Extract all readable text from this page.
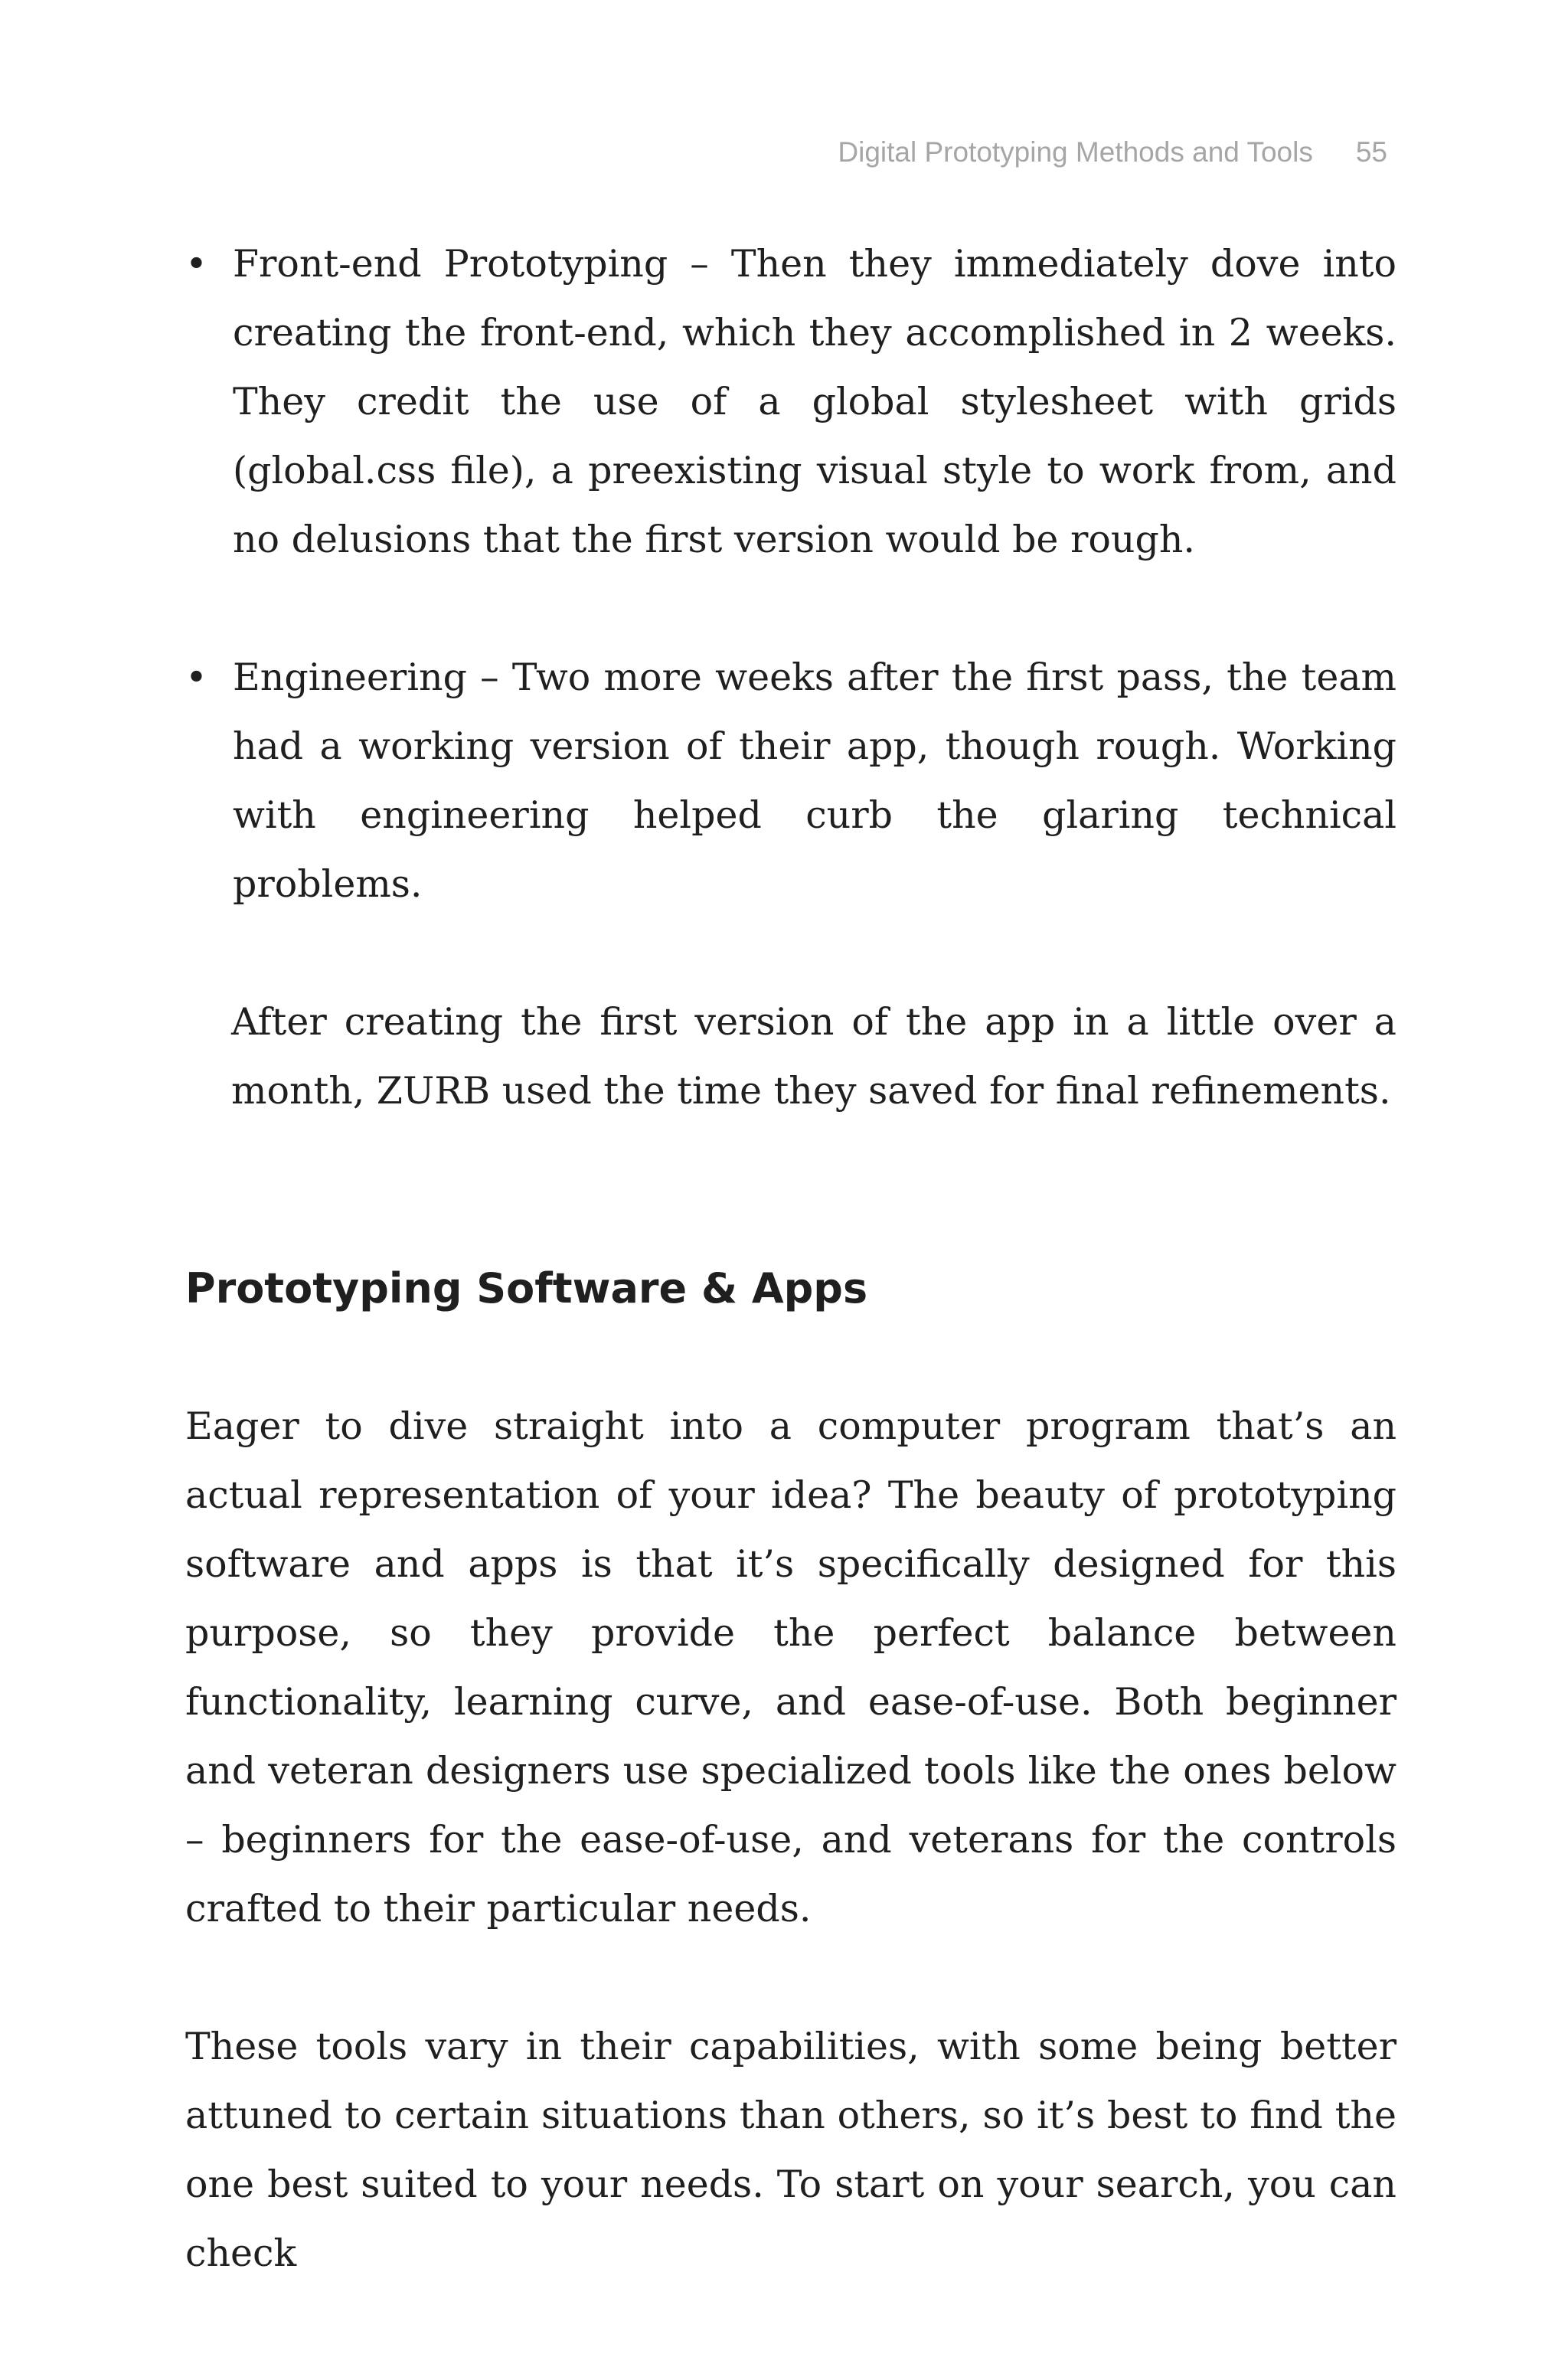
Digital Prototyping Methods and Tools 55
• Front-end Prototyping – Then they immediately dove into creating the front-end, which they accomplished in 2 weeks. They credit the use of a global stylesheet with grids (global.css file), a preexisting visual style to work from, and no delusions that the first version would be rough.

• Engineering – Two more weeks after the first pass, the team had a working version of their app, though rough. Working with engineering helped curb the glaring technical problems.

After creating the first version of the app in a little over a month, ZURB used the time they saved for final refinements.

Prototyping Software & Apps

Eager to dive straight into a computer program that’s an actual representation of your idea? The beauty of prototyping software and apps is that it’s specifically designed for this purpose, so they provide the perfect balance between functionality, learning curve, and ease-of-use. Both beginner and veteran designers use specialized tools like the ones below – beginners for the ease-of-use, and veterans for the controls crafted to their particular needs.

These tools vary in their capabilities, with some being better attuned to certain situations than others, so it’s best to find the one best suited to your needs. To start on your search, you can check
